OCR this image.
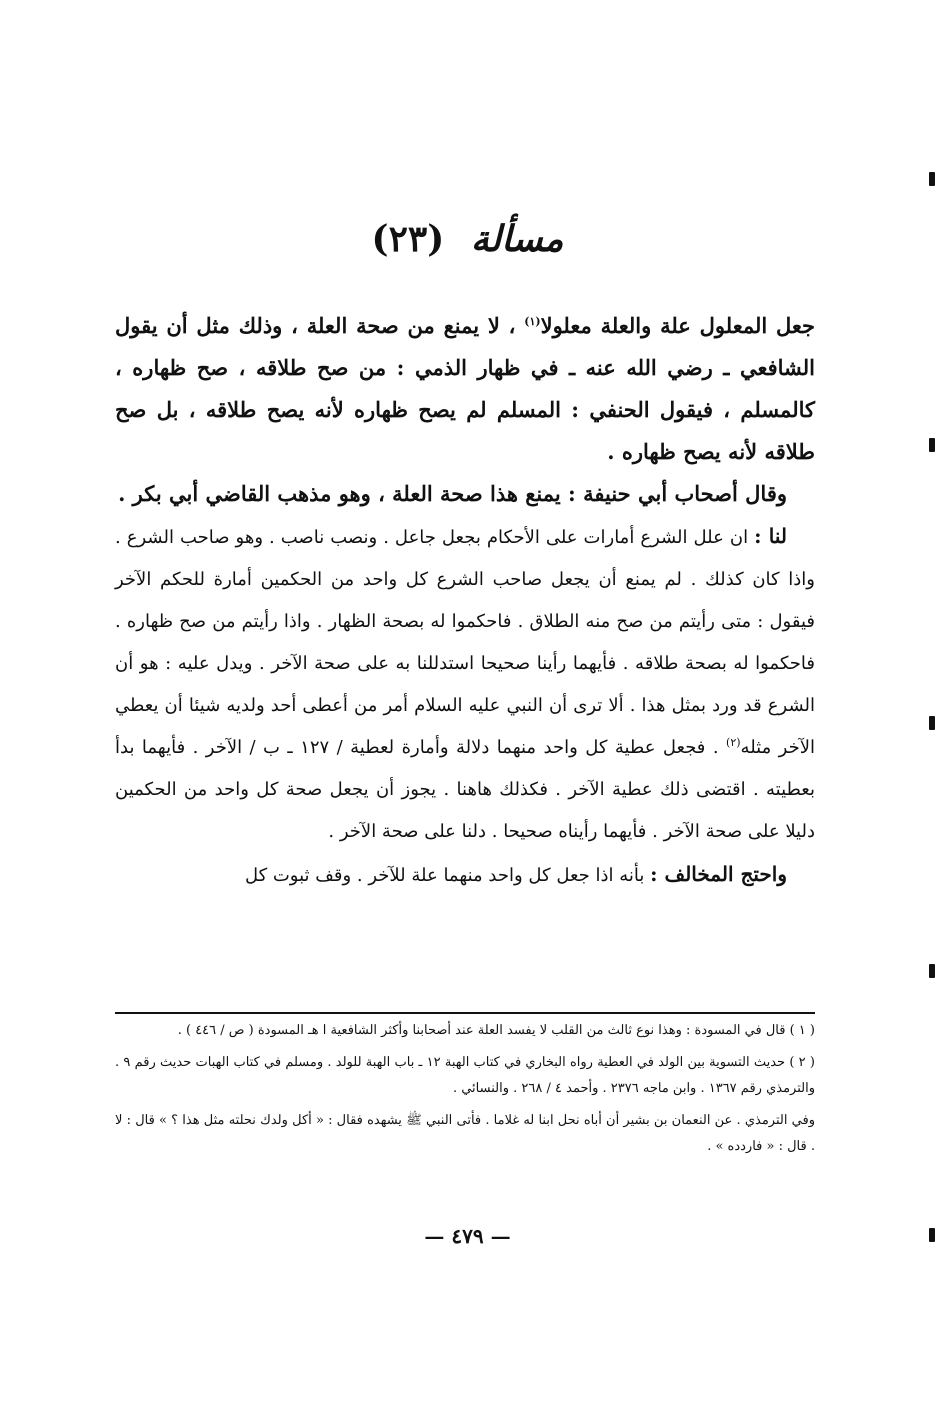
مسألة (٢٣)

جعل المعلول علة والعلة معلولا$^{(١)}$ ، لا يمنع من صحة العلة ، وذلك مثل أن يقول الشافعي ـ رضي الله عنه ـ في ظهار الذمي : من صح طلاقه ، صح ظهاره ، كالمسلم ، فيقول الحنفي : المسلم لم يصح ظهاره لأنه يصح طلاقه ، بل صح طلاقه لأنه يصح ظهاره .

وقال أصحاب أبي حنيفة : يمنع هذا صحة العلة ، وهو مذهب القاضي أبي بكر .

لنا : ان علل الشرع أمارات على الأحكام بجعل جاعل . ونصب ناصب . وهو صاحب الشرع . واذا كان كذلك . لم يمنع أن يجعل صاحب الشرع كل واحد من الحكمين أمارة للحكم الآخر فيقول : متى رأيتم من صح منه الطلاق . فاحكموا له بصحة الظهار . واذا رأيتم من صح ظهاره . فاحكموا له بصحة طلاقه . فأيهما رأينا صحيحا استدللنا به على صحة الآخر . ويدل عليه : هو أن الشرع قد ورد بمثل هذا . ألا ترى أن النبي عليه السلام أمر من أعطى أحد ولديه شيئا أن يعطي الآخر مثله$^{(٢)}$ . فجعل عطية كل واحد منهما دلالة وأمارة لعطية / ١٢٧ ـ ب / الآخر . فأيهما بدأ بعطيته . اقتضى ذلك عطية الآخر . فكذلك هاهنا . يجوز أن يجعل صحة كل واحد من الحكمين دليلا على صحة الآخر . فأيهما رأيناه صحيحا . دلنا على صحة الآخر .

واحتج المخالف : بأنه اذا جعل كل واحد منهما علة للآخر . وقف ثبوت كل

( ١ ) قال في المسودة : وهذا نوع ثالث من القلب لا يفسد العلة عند أصحابنا وأكثر الشافعية ا هـ المسودة ( ص / ٤٤٦ ) .

( ٢ ) حديث التسوية بين الولد في العطية رواه البخاري في كتاب الهبة ١٢ ـ باب الهبة للولد . ومسلم في كتاب الهبات حديث رقم ٩ . والترمذي رقم ١٣٦٧ . وابن ماجه ٢٣٧٦ . وأحمد ٤ / ٢٦٨ . والنسائي .

وفي الترمذي . عن النعمان بن بشير أن أباه نحل ابنا له غلاما . فأتى النبي ﷺ يشهده فقال : « أكل ولدك نحلته مثل هذا ؟ » قال : لا . قال : « فاردده » .

— ٤٧٩ —
